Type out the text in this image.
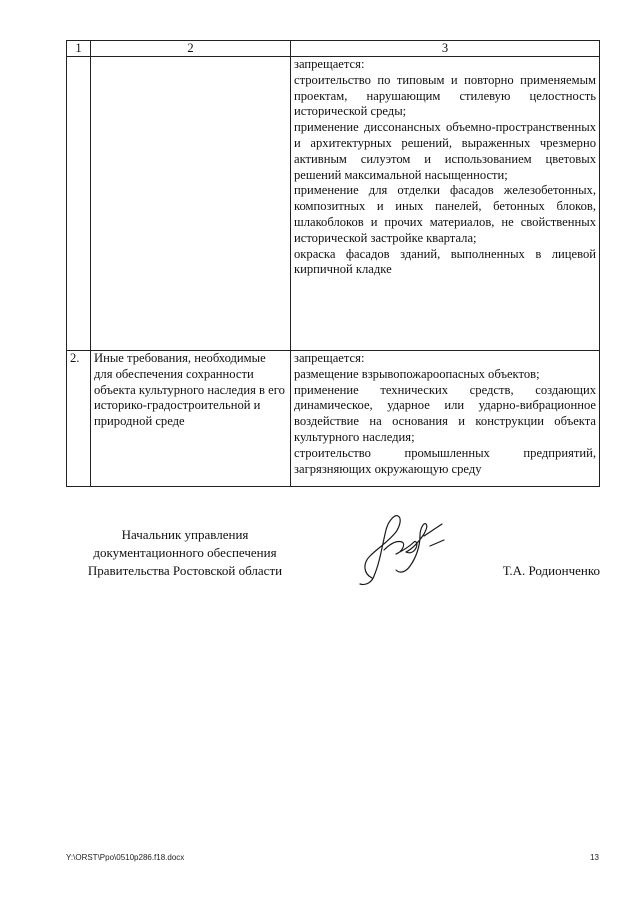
1	2	3

		запрещается:
строительство по типовым и повторно применяемым проектам, нарушающим стилевую целостность исторической среды;
применение диссонансных объемно-пространственных и архитектурных решений, выраженных чрезмерно активным силуэтом и использованием цветовых решений максимальной насыщенности;
применение для отделки фасадов железобетонных, композитных и иных панелей, бетонных блоков, шлакоблоков и прочих материалов, не свойственных исторической застройке квартала;
окраска фасадов зданий, выполненных в лицевой кирпичной кладке

2.	Иные требования, необходимые для обеспечения сохранности объекта культурного наследия в его историко-градостроительной и природной среде	запрещается:
размещение взрывопожароопасных объектов;
применение технических средств, создающих динамическое, ударное или ударно-вибрационное воздействие на основания и конструкции объекта культурного наследия;
строительство промышленных предприятий, загрязняющих окружающую среду
Начальник управления
документационного обеспечения
Правительства Ростовской области	Т.А. Родионченко
Y:\ORST\Ppo\0510p286.f18.docx	13
